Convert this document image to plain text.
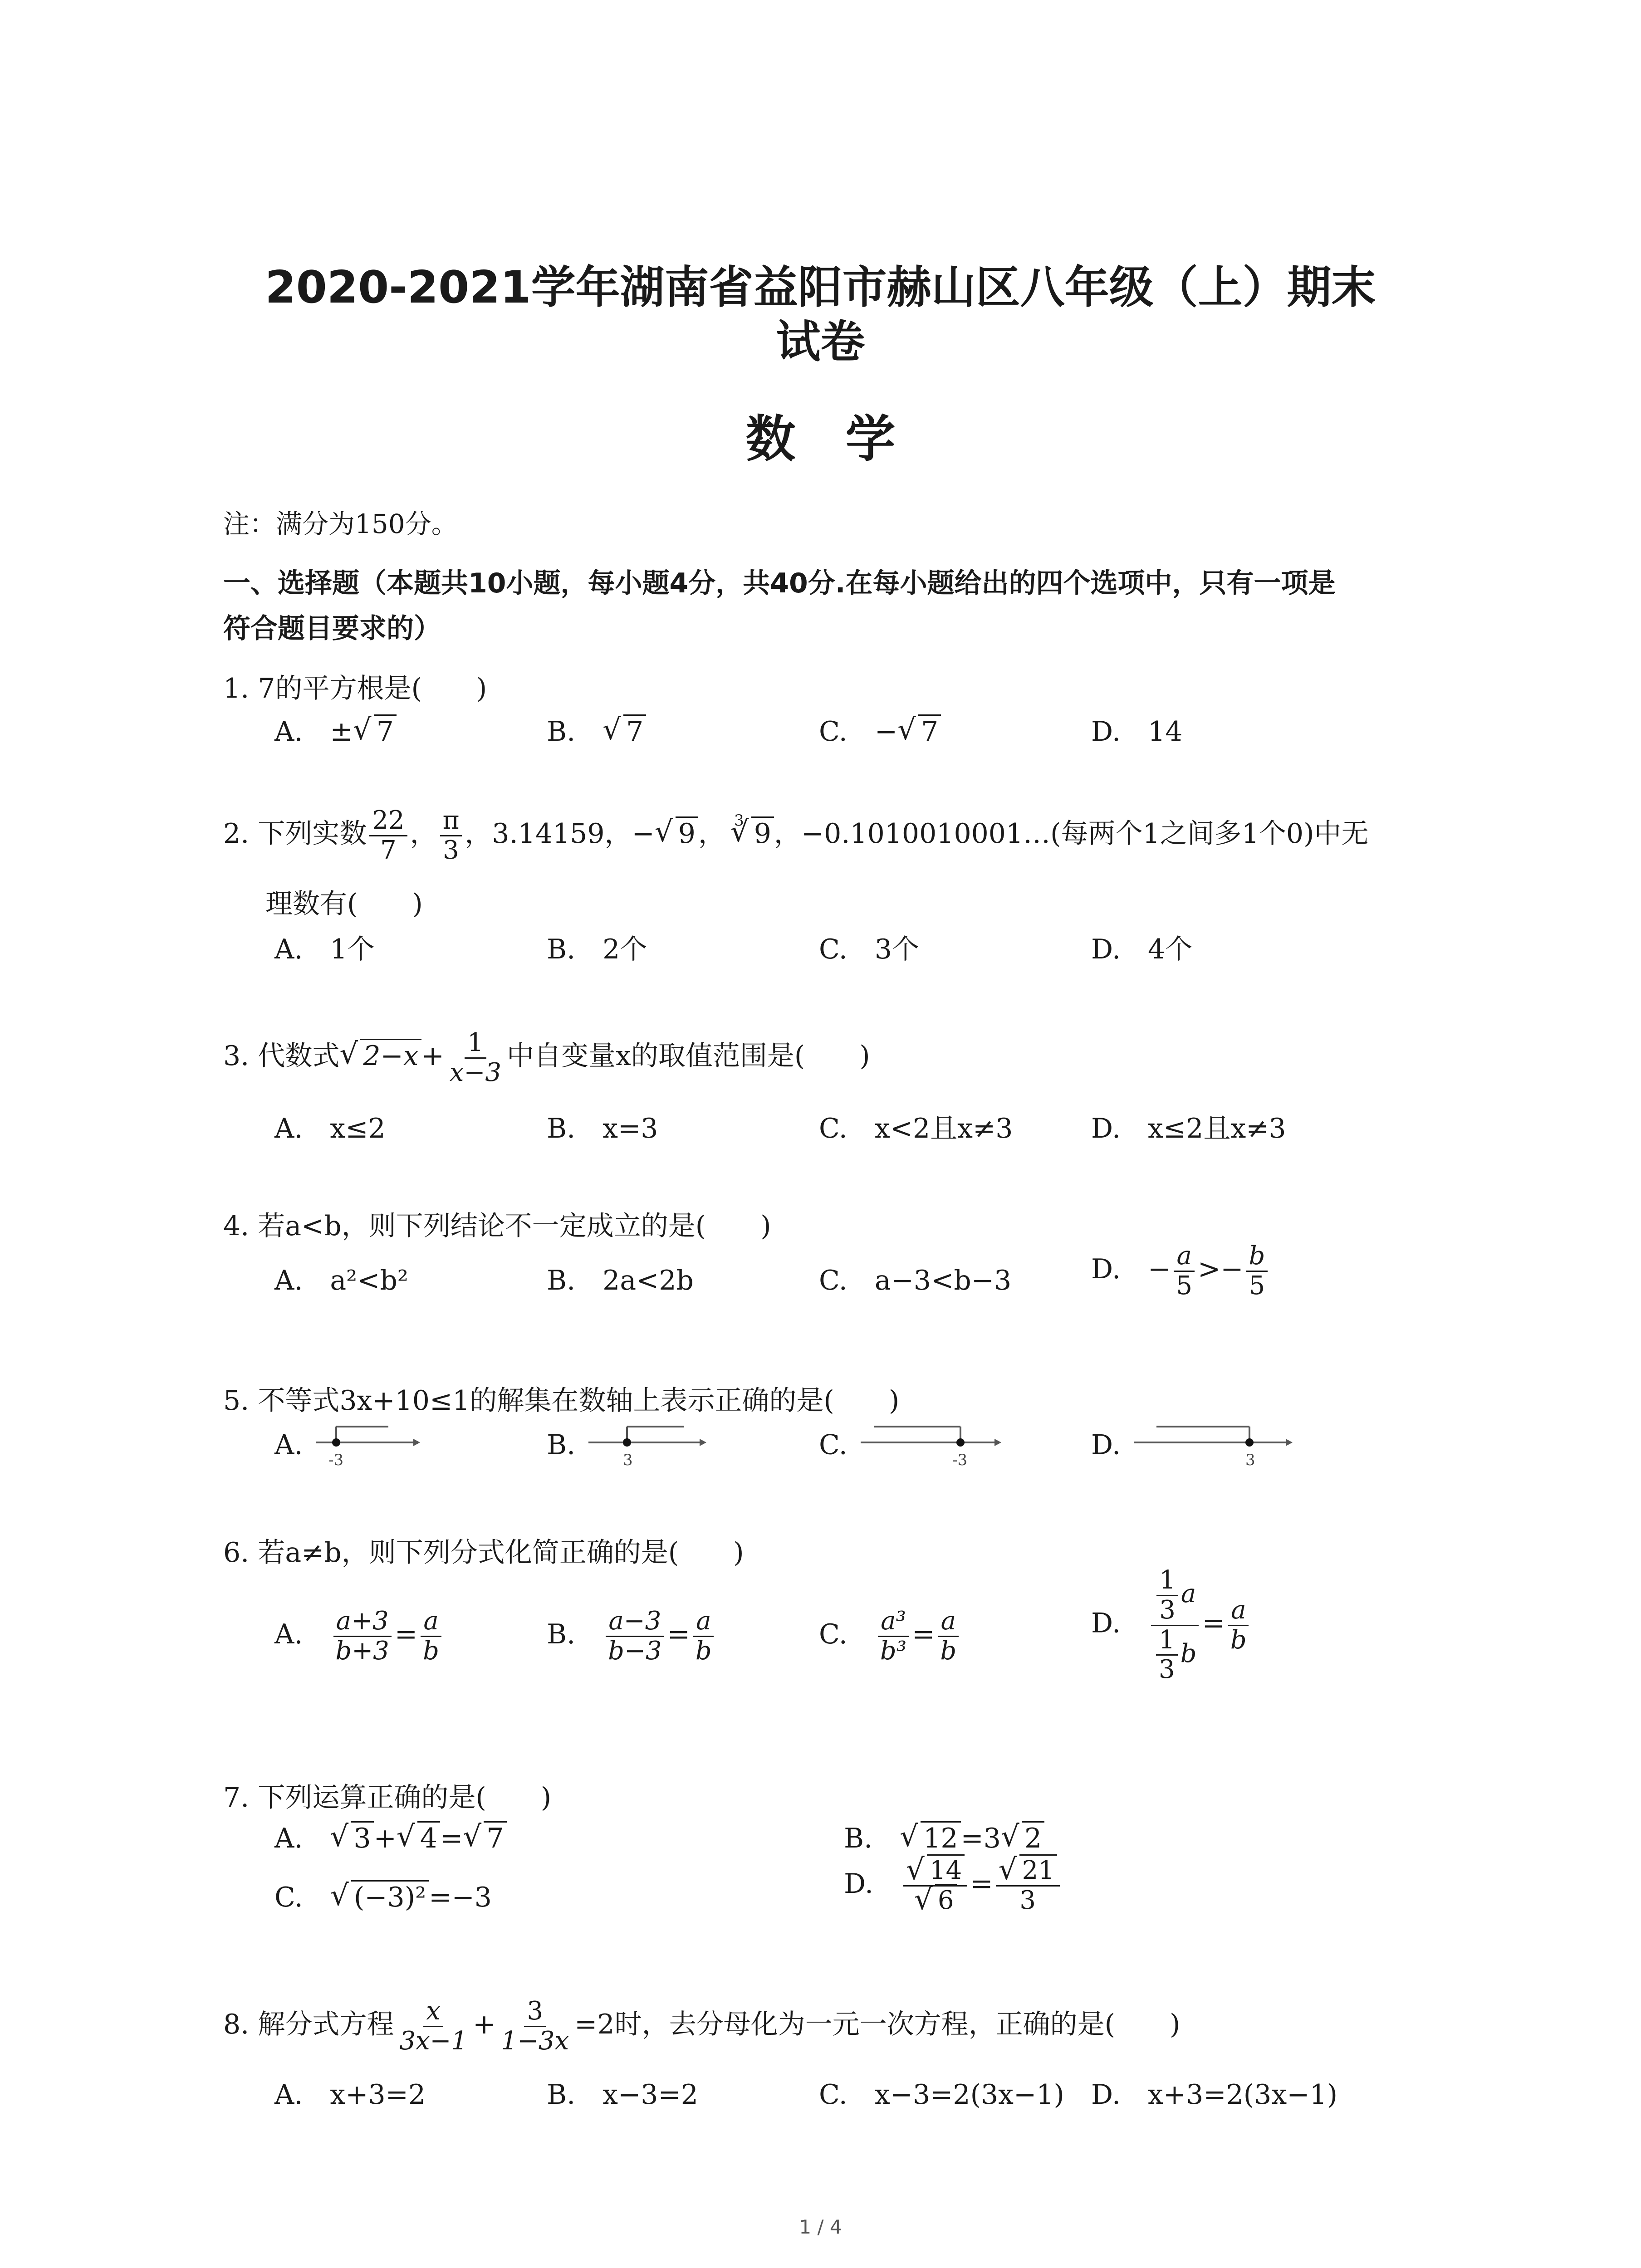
2020-2021学年湖南省益阳市赫山区八年级（上）期末
试卷
数学
注：满分为150分。
一、选择题（本题共10小题，每小题4分，共40分.在每小题给出的四个选项中，只有一项是
符合题目要求的）
1. 7的平方根是(　　)
A.　 ± √ 7	B.　 √ 7	C.　 − √ 7	D.　 14
2. 下列实数 $\frac{22}{7}$ ， $\frac{\pi}{3}$ ，3.14159，− √ 9 ， $^3$ √ 9 ，−0.1010010001…(每两个1之间多1个0)中无
理数有(　　)
A.　1个	B.　2个	C.　3个	D.　4个
3. 代数式 √ $2-x + \frac{1}{x-3}$ 中自变量x的取值范围是(　　)
A.　x≤2	B.　x=3	C.　x<2且x≠3	D.　x≤2且x≠3
4. 若a<b，则下列结论不一定成立的是(　　)
A.　a²<b²	B.　2a<2b	C.　a−3<b−3	D.　 − $\frac{a}{5} >- \frac{b}{5}$
5. 不等式3x+10≤1的解集在数轴上表示正确的是(　　)
A. -3	B.	3	C.	-3	D.	3
6. 若a≠b，则下列分式化简正确的是(　　)
A.　 $\frac{a+3}{b+3} = \frac{a}{b}$	B.　 $\frac{a-3}{b-3} = \frac{a}{b}$	C.　 $\frac{\text{a³}}{\text{b³}} = \frac{a}{b}$	D.　 $\frac{\frac{1}{3} a}{\frac{1}{3} b} = \frac{a}{b}$
7. 下列运算正确的是(　　)
A.　 √ 3 + √ 4 = √ 7	B.　 √ 12 =3 √ 2
C.　 √ (−3)² =−3	D.　 √ 14
√ 6 = √ $\frac{21}{3}$
8. 解分式方程 $\frac{x}{3x-1} + \frac{3}{1-3x} =2$时，去分母化为一元一次方程，正确的是(　　)
A.　x+3=2	B.　x−3=2	C.　x−3=2(3x−1) D.　x+3=2(3x−1)
1 / 4
